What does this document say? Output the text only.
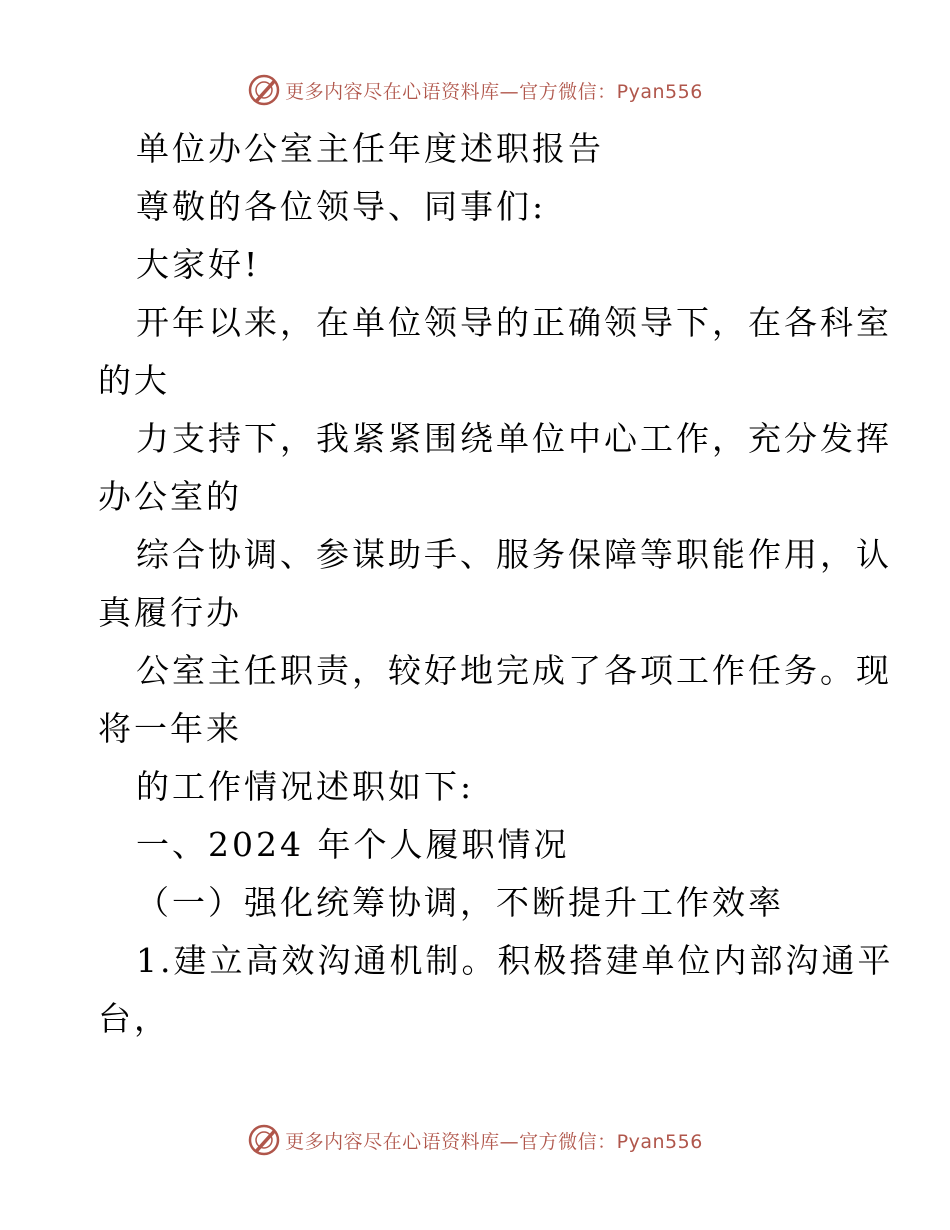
更多内容尽在心语资料库—官方微信：Pyan556
单位办公室主任年度述职报告
尊敬的各位领导、同事们:
大家好!
开年以来，在单位领导的正确领导下，在各科室
的大
力支持下，我紧紧围绕单位中心工作，充分发挥
办公室的
综合协调、参谋助手、服务保障等职能作用，认
真履行办
公室主任职责，较好地完成了各项工作任务。现
将一年来
的工作情况述职如下:
一、2024 年个人履职情况
（一）强化统筹协调，不断提升工作效率
1.建立高效沟通机制。积极搭建单位内部沟通平
台，
更多内容尽在心语资料库—官方微信：Pyan556
